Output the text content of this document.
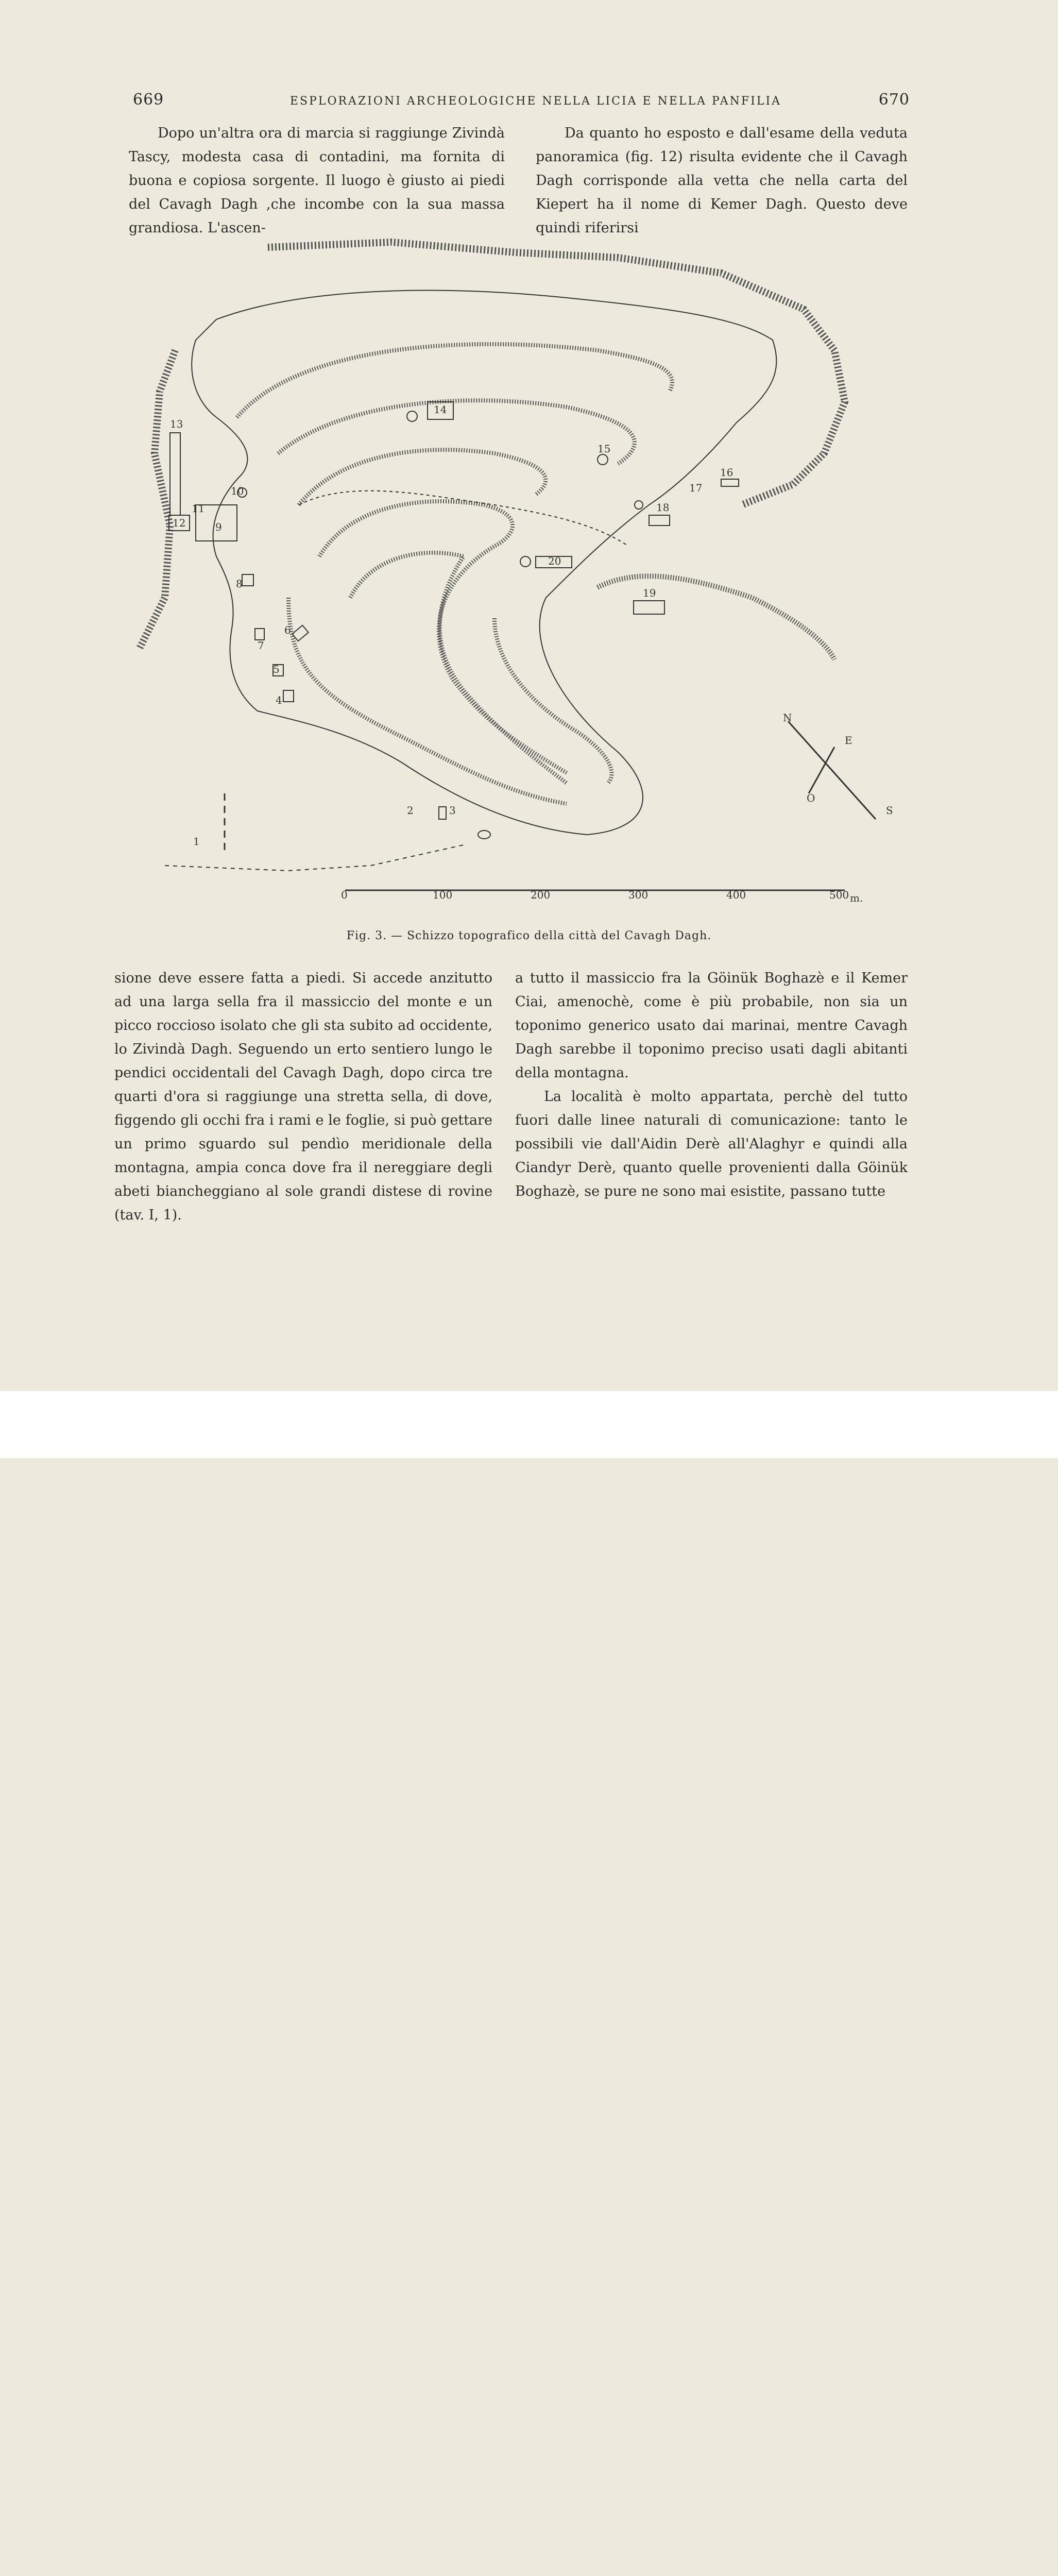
669	ESPLORAZIONI ARCHEOLOGICHE NELLA LICIA E NELLA PANFILIA	670

Dopo un'altra ora di marcia si raggiunge Zivindà Tascy, modesta casa di contadini, ma fornita di buona e copiosa sorgente. Il luogo è giusto ai piedi del Cavagh Dagh ,che incombe con la sua massa grandiosa. L'ascen-

Da quanto ho esposto e dall'esame della veduta panoramica (fig. 12) risulta evidente che il Cavagh Dagh corrisponde alla vetta che nella carta del Kiepert ha il nome di Kemer Dagh. Questo deve quindi riferirsi

1
2	3
4
5
6
7
8
9
10
11
12
13
14
15
16
17
18
19
20
0	100	200	300	400	500 m.
N
E
S
O
Fig. 3. — Schizzo topografico della città del Cavagh Dagh.

sione deve essere fatta a piedi. Si accede anzitutto ad una larga sella fra il massiccio del monte e un picco roccioso isolato che gli sta subito ad occidente, lo Zivindà Dagh. Seguendo un erto sentiero lungo le pendici occidentali del Cavagh Dagh, dopo circa tre quarti d'ora si raggiunge una stretta sella, di dove, figgendo gli occhi fra i rami e le foglie, si può gettare un primo sguardo sul pendìo meridionale della montagna, ampia conca dove fra il nereggiare degli abeti biancheggiano al sole grandi distese di rovine (tav. I, 1).

a tutto il massiccio fra la Göinük Boghazè e il Kemer Ciai, amenochè, come è più probabile, non sia un toponimo generico usato dai marinai, mentre Cavagh Dagh sarebbe il toponimo preciso usati dagli abitanti della montagna.

La località è molto appartata, perchè del tutto fuori dalle linee naturali di comunicazione: tanto le possibili vie dall'Aidin Derè all'Alaghyr e quindi alla Ciandyr Derè, quanto quelle provenienti dalla Göinük Boghazè, se pure ne sono mai esistite, passano tutte
